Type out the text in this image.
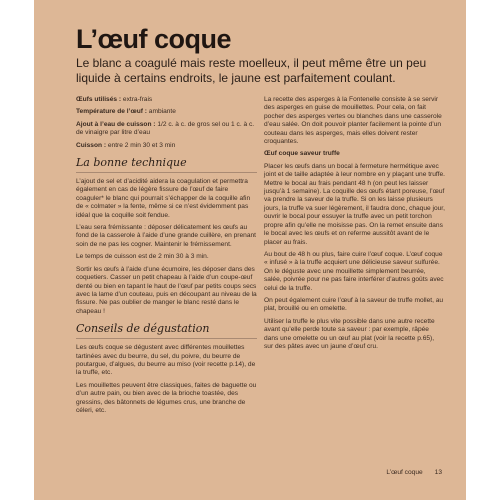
L’œuf coque

Le blanc a coagulé mais reste moelleux, il peut même être un peu liquide à certains endroits, le jaune est parfaitement coulant.

Œufs utilisés : extra-frais

Température de l’œuf : ambiante

Ajout à l’eau de cuisson : 1/2 c. à c. de gros sel ou 1 c. à c. de vinaigre par litre d’eau

Cuisson : entre 2 min 30 et 3 min

La bonne technique

L’ajout de sel et d’acidité aidera la coagulation et permettra également en cas de légère fissure de l’œuf de faire coaguler* le blanc qui pourrait s’échapper de la coquille afin de « colmater » la fente, même si ce n’est évidemment pas idéal que la coquille soit fendue.

L’eau sera frémissante : déposer délicatement les œufs au fond de la casserole à l’aide d’une grande cuillère, en prenant soin de ne pas les cogner. Maintenir le frémissement.

Le temps de cuisson est de 2 min 30 à 3 min.

Sortir les œufs à l’aide d’une écumoire, les déposer dans des coquetiers. Casser un petit chapeau à l’aide d’un coupe-œuf denté ou bien en tapant le haut de l’œuf par petits coups secs avec la lame d’un couteau, puis en découpant au niveau de la fissure. Ne pas oublier de manger le blanc resté dans le chapeau !

Conseils de dégustation

Les œufs coque se dégustent avec différentes mouillettes tartinées avec du beurre, du sel, du poivre, du beurre de poutargue, d’algues, du beurre au miso (voir recette p.14), de la truffe, etc.

Les mouillettes peuvent être classiques, faites de baguette ou d’un autre pain, ou bien avec de la brioche toastée, des gressins, des bâtonnets de légumes crus, une branche de céleri, etc.

La recette des asperges à la Fontenelle consiste à se servir des asperges en guise de mouillettes. Pour cela, on fait pocher des asperges vertes ou blanches dans une casserole d’eau salée. On doit pouvoir planter facilement la pointe d’un couteau dans les asperges, mais elles doivent rester croquantes.

Œuf coque saveur truffe

Placer les œufs dans un bocal à fermeture hermétique avec joint et de taille adaptée à leur nombre en y plaçant une truffe. Mettre le bocal au frais pendant 48 h (on peut les laisser jusqu’à 1 semaine). La coquille des œufs étant poreuse, l’œuf va prendre la saveur de la truffe. Si on les laisse plusieurs jours, la truffe va suer légèrement, il faudra donc, chaque jour, ouvrir le bocal pour essuyer la truffe avec un petit torchon propre afin qu’elle ne moisisse pas. On la remet ensuite dans le bocal avec les œufs et on referme aussitôt avant de le placer au frais.

Au bout de 48 h ou plus, faire cuire l’œuf coque. L’œuf coque « infusé » à la truffe acquiert une délicieuse saveur sulfurée. On le déguste avec une mouillette simplement beurrée, salée, poivrée pour ne pas faire interférer d’autres goûts avec celui de la truffe.

On peut également cuire l’œuf à la saveur de truffe mollet, au plat, brouillé ou en omelette.

Utiliser la truffe le plus vite possible dans une autre recette avant qu’elle perde toute sa saveur : par exemple, râpée dans une omelette ou un œuf au plat (voir la recette p.65), sur des pâtes avec un jaune d’œuf cru.

L’œuf coque 13
